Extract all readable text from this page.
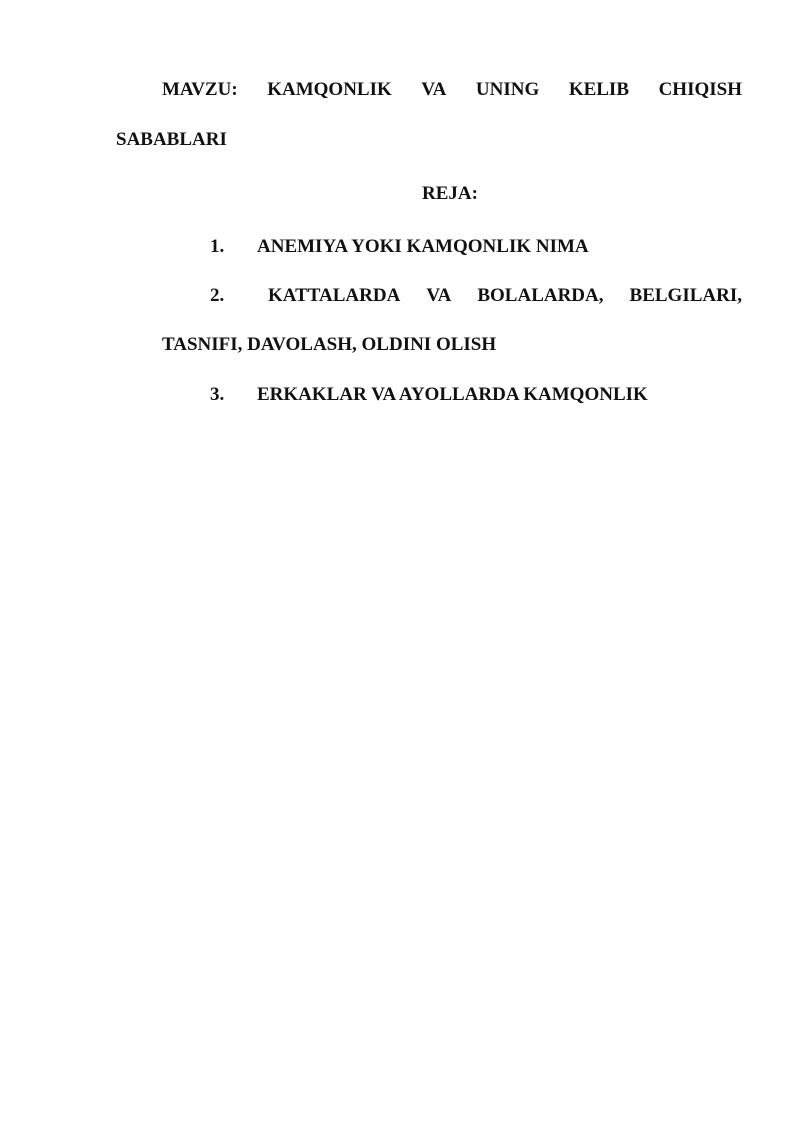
MAVZU: KAMQONLIK VA UNING KELIB CHIQISH
SABABLARI
REJA:
1. ANEMIYA YOKI KAMQONLIK NIMA
2. KATTALARDA VA BOLALARDA, BELGILARI,
TASNIFI, DAVOLASH, OLDINI OLISH
3. ERKAKLAR VA AYOLLARDA KAMQONLIK
